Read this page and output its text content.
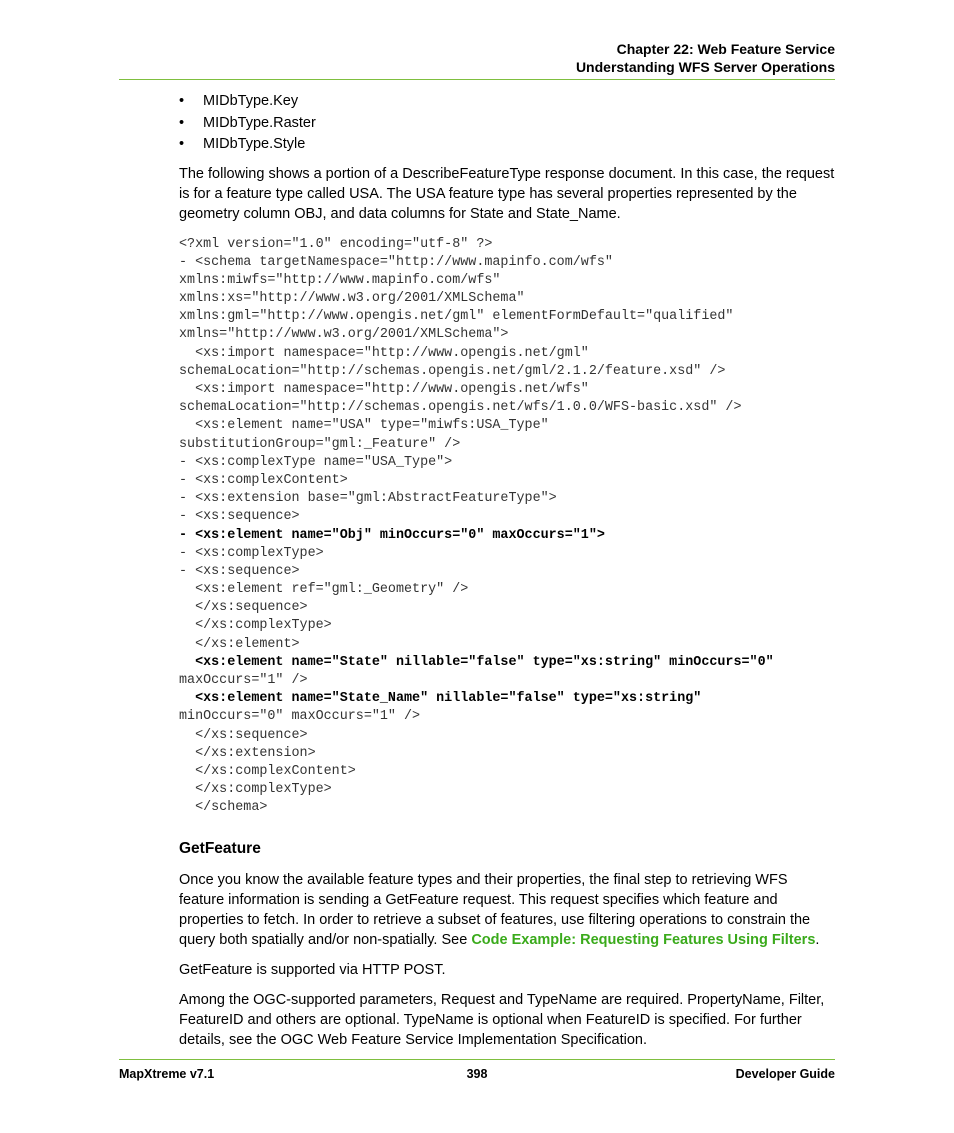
Chapter 22: Web Feature Service
Understanding WFS Server Operations
• MIDbType.Key
• MIDbType.Raster
• MIDbType.Style

The following shows a portion of a DescribeFeatureType response document. In this case, the request is for a feature type called USA. The USA feature type has several properties represented by the geometry column OBJ, and data columns for State and State_Name.

<?xml version="1.0" encoding="utf-8" ?>
- <schema targetNamespace="http://www.mapinfo.com/wfs"
xmlns:miwfs="http://www.mapinfo.com/wfs"
xmlns:xs="http://www.w3.org/2001/XMLSchema"
xmlns:gml="http://www.opengis.net/gml" elementFormDefault="qualified"
xmlns="http://www.w3.org/2001/XMLSchema">
<xs:import namespace="http://www.opengis.net/gml"
schemaLocation="http://schemas.opengis.net/gml/2.1.2/feature.xsd" />
<xs:import namespace="http://www.opengis.net/wfs"
schemaLocation="http://schemas.opengis.net/wfs/1.0.0/WFS-basic.xsd" />
<xs:element name="USA" type="miwfs:USA_Type"
substitutionGroup="gml:_Feature" />
- <xs:complexType name="USA_Type">
- <xs:complexContent>
- <xs:extension base="gml:AbstractFeatureType">
- <xs:sequence>
- <xs:element name="Obj" minOccurs="0" maxOccurs="1">
- <xs:complexType>
- <xs:sequence>
<xs:element ref="gml:_Geometry" />
</xs:sequence>
</xs:complexType>
</xs:element>
<xs:element name="State" nillable="false" type="xs:string" minOccurs="0"
maxOccurs="1" />
<xs:element name="State_Name" nillable="false" type="xs:string"
minOccurs="0" maxOccurs="1" />
</xs:sequence>
</xs:extension>
</xs:complexContent>
</xs:complexType>
</schema>
GetFeature

Once you know the available feature types and their properties, the final step to retrieving WFS feature information is sending a GetFeature request. This request specifies which feature and properties to fetch. In order to retrieve a subset of features, use filtering operations to constrain the query both spatially and/or non-spatially. See Code Example: Requesting Features Using Filters.

GetFeature is supported via HTTP POST.

Among the OGC-supported parameters, Request and TypeName are required. PropertyName, Filter, FeatureID and others are optional. TypeName is optional when FeatureID is specified. For further details, see the OGC Web Feature Service Implementation Specification.

MapXtreme v7.1	398	Developer Guide
